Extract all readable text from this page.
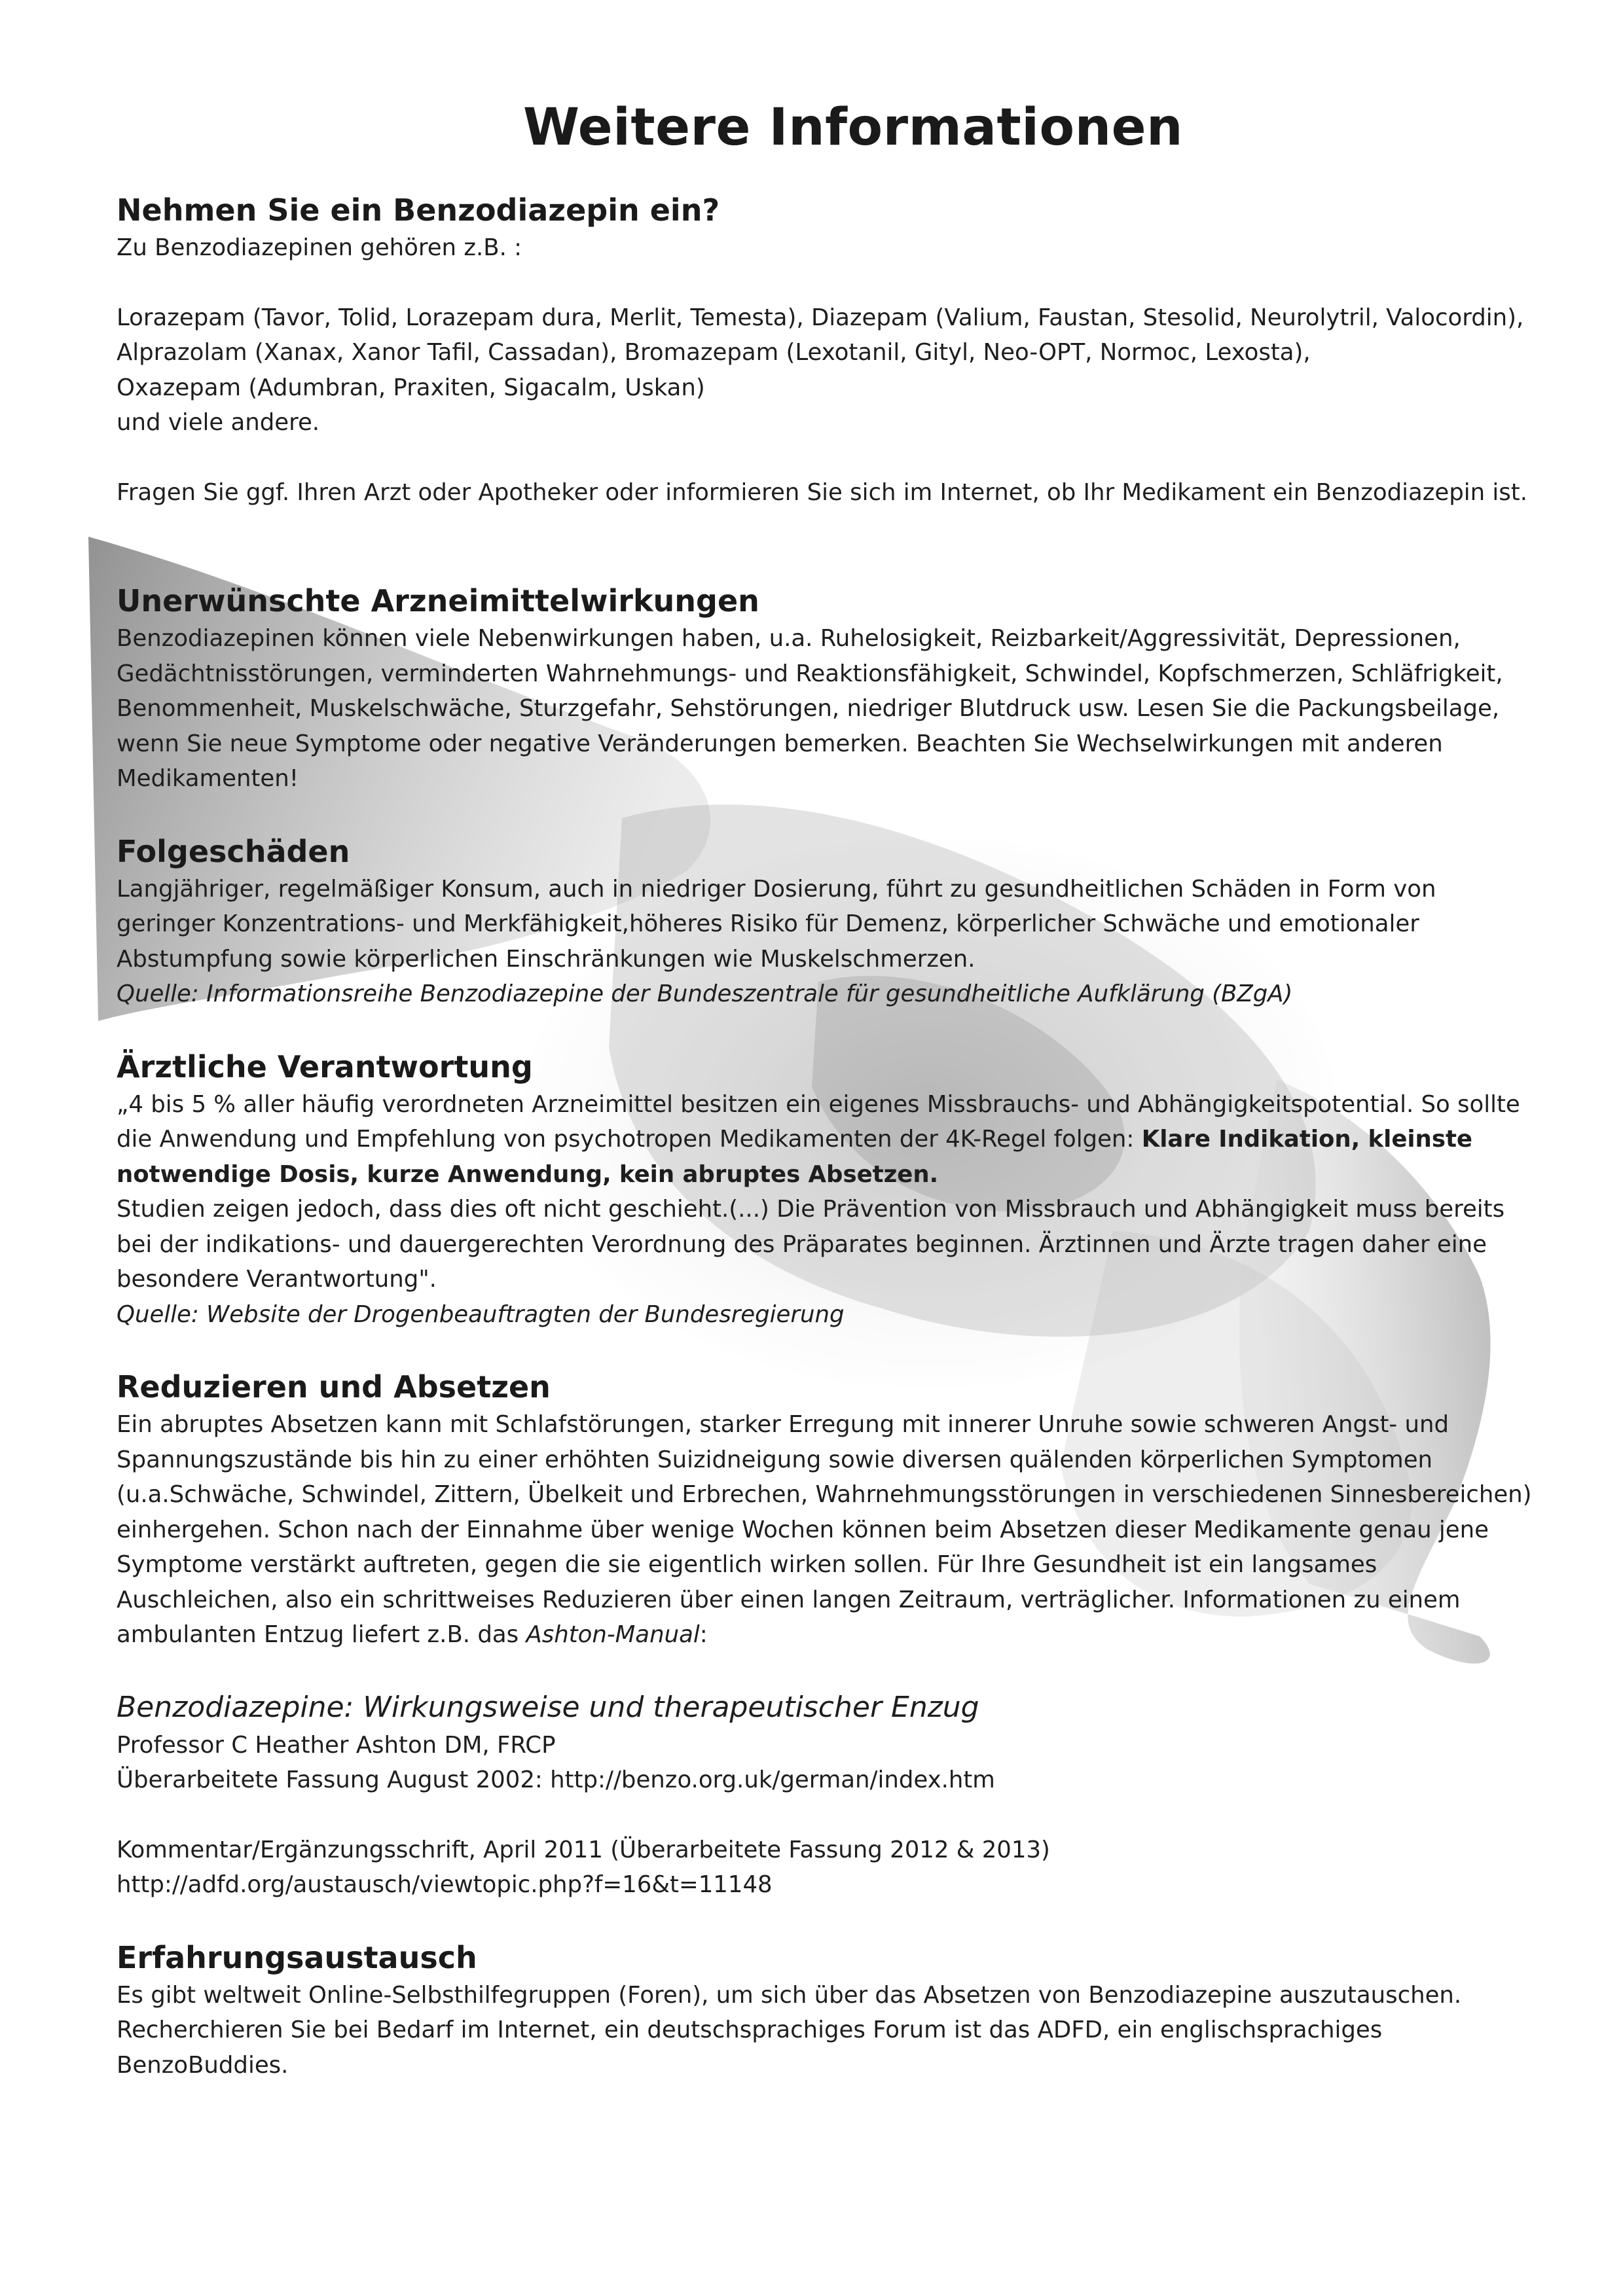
Weitere Informationen
Nehmen Sie ein Benzodiazepin ein?

Zu Benzodiazepinen gehören z.B. :

Lorazepam (Tavor, Tolid, Lorazepam dura, Merlit, Temesta), Diazepam (Valium, Faustan, Stesolid, Neurolytril, Valocordin),

Alprazolam (Xanax, Xanor Tafil, Cassadan), Bromazepam (Lexotanil, Gityl, Neo-OPT, Normoc, Lexosta),

Oxazepam (Adumbran, Praxiten, Sigacalm, Uskan)

und viele andere.

Fragen Sie ggf. Ihren Arzt oder Apotheker oder informieren Sie sich im Internet, ob Ihr Medikament ein Benzodiazepin ist.

Unerwünschte Arzneimittelwirkungen

Benzodiazepinen können viele Nebenwirkungen haben, u.a. Ruhelosigkeit, Reizbarkeit/Aggressivität, Depressionen,

Gedächtnisstörungen, verminderten Wahrnehmungs- und Reaktionsfähigkeit, Schwindel, Kopfschmerzen, Schläfrigkeit,

Benommenheit, Muskelschwäche, Sturzgefahr, Sehstörungen, niedriger Blutdruck usw. Lesen Sie die Packungsbeilage,

wenn Sie neue Symptome oder negative Veränderungen bemerken. Beachten Sie Wechselwirkungen mit anderen

Medikamenten!

Folgeschäden

Langjähriger, regelmäßiger Konsum, auch in niedriger Dosierung, führt zu gesundheitlichen Schäden in Form von

geringer Konzentrations- und Merkfähigkeit,höheres Risiko für Demenz, körperlicher Schwäche und emotionaler

Abstumpfung sowie körperlichen Einschränkungen wie Muskelschmerzen.

Quelle: Informationsreihe Benzodiazepine der Bundeszentrale für gesundheitliche Aufklärung (BZgA)

Ärztliche Verantwortung

„4 bis 5 % aller häufig verordneten Arzneimittel besitzen ein eigenes Missbrauchs- und Abhängigkeitspotential. So sollte

die Anwendung und Empfehlung von psychotropen Medikamenten der 4K-Regel folgen: Klare Indikation, kleinste

notwendige Dosis, kurze Anwendung, kein abruptes Absetzen.

Studien zeigen jedoch, dass dies oft nicht geschieht.(...) Die Prävention von Missbrauch und Abhängigkeit muss bereits

bei der indikations- und dauergerechten Verordnung des Präparates beginnen. Ärztinnen und Ärzte tragen daher eine

besondere Verantwortung".

Quelle: Website der Drogenbeauftragten der Bundesregierung

Reduzieren und Absetzen

Ein abruptes Absetzen kann mit Schlafstörungen, starker Erregung mit innerer Unruhe sowie schweren Angst- und

Spannungszustände bis hin zu einer erhöhten Suizidneigung sowie diversen quälenden körperlichen Symptomen

(u.a.Schwäche, Schwindel, Zittern, Übelkeit und Erbrechen, Wahrnehmungsstörungen in verschiedenen Sinnesbereichen)

einhergehen. Schon nach der Einnahme über wenige Wochen können beim Absetzen dieser Medikamente genau jene

Symptome verstärkt auftreten, gegen die sie eigentlich wirken sollen. Für Ihre Gesundheit ist ein langsames

Auschleichen, also ein schrittweises Reduzieren über einen langen Zeitraum, verträglicher. Informationen zu einem

ambulanten Entzug liefert z.B. das Ashton-Manual:

Benzodiazepine: Wirkungsweise und therapeutischer Enzug

Professor C Heather Ashton DM, FRCP

Überarbeitete Fassung August 2002: http://benzo.org.uk/german/index.htm

Kommentar/Ergänzungsschrift, April 2011 (Überarbeitete Fassung 2012 & 2013)

http://adfd.org/austausch/viewtopic.php?f=16&t=11148

Erfahrungsaustausch

Es gibt weltweit Online-Selbsthilfegruppen (Foren), um sich über das Absetzen von Benzodiazepine auszutauschen.

Recherchieren Sie bei Bedarf im Internet, ein deutschsprachiges Forum ist das ADFD, ein englischsprachiges BenzoBuddies.
